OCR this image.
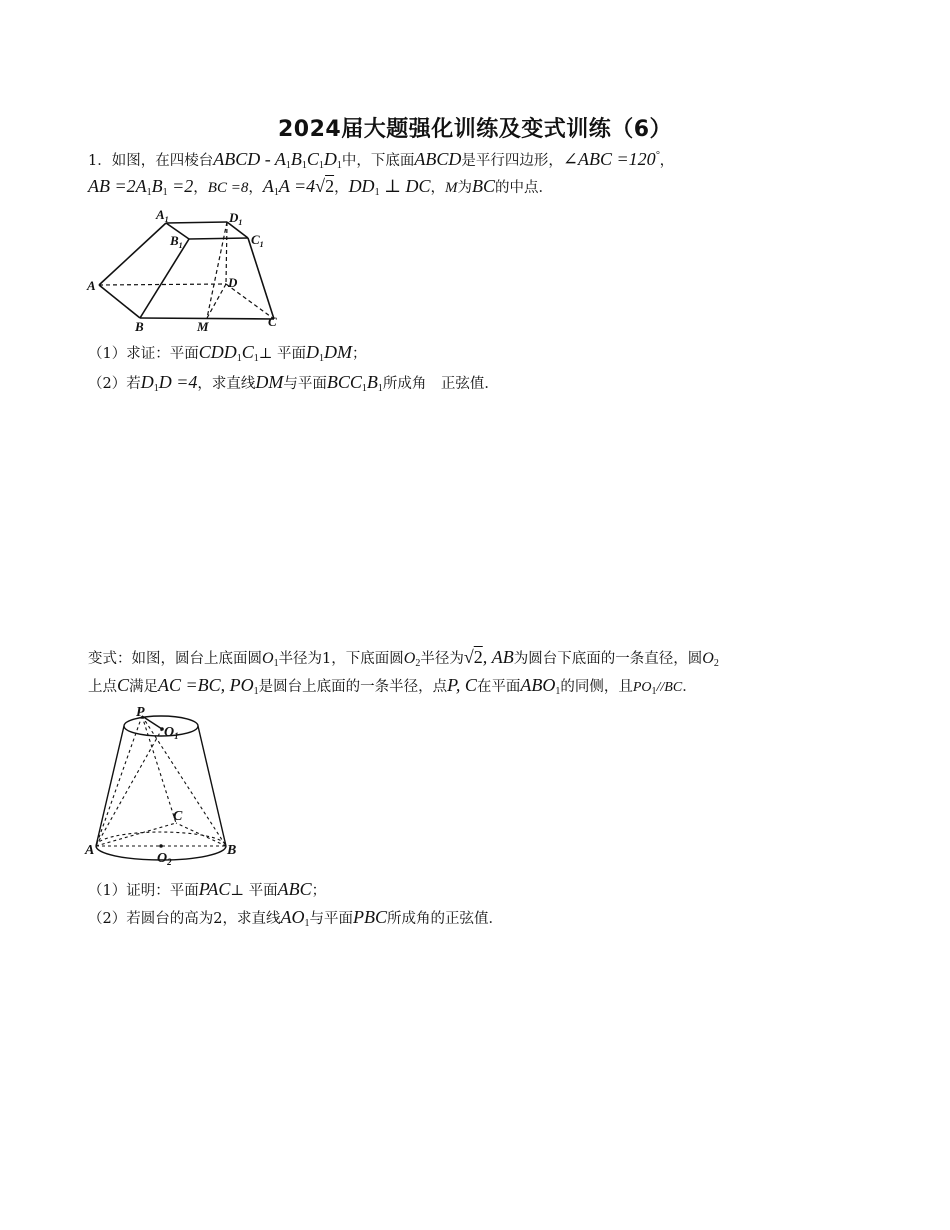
2024届大题强化训练及变式训练（6）
1．如图，在四棱台ABCD - $A_1B_1C_1D_1$中，下底面ABCD是平行四边形，∠ABC =120°，
AB $=2A_1B_1 =2$，BC =8，$A_1A =4√2$，$DD_1$ ⊥ DC，M为BC的中点．
$A_1$	$D_1$
$B_1$	$C_1$
A	D
B	M	C
（1）求证：平面$CDD_1C_1\perp$ 平面$D_1DM$；
（2）若$D_1D =4$，求直线DM与平面$BCC_1B_1$所成角　正弦值．
变式：如图，圆台上底面圆$O_1$半径为1，下底面圆$O_2$半径为√2, AB为圆台下底面的一条直径，圆$O_2$
上点C满足AC =BC, $PO_1$是圆台上底面的一条半径，点P, C在平面$ABO_1$的同侧，且$PO_1//BC$．
P
$O_1$
C
A	B
$O_2$
（1）证明：平面PAC⊥ 平面ABC；
（2）若圆台的高为2，求直线$AO_1$与平面PBC所成角的正弦值．
